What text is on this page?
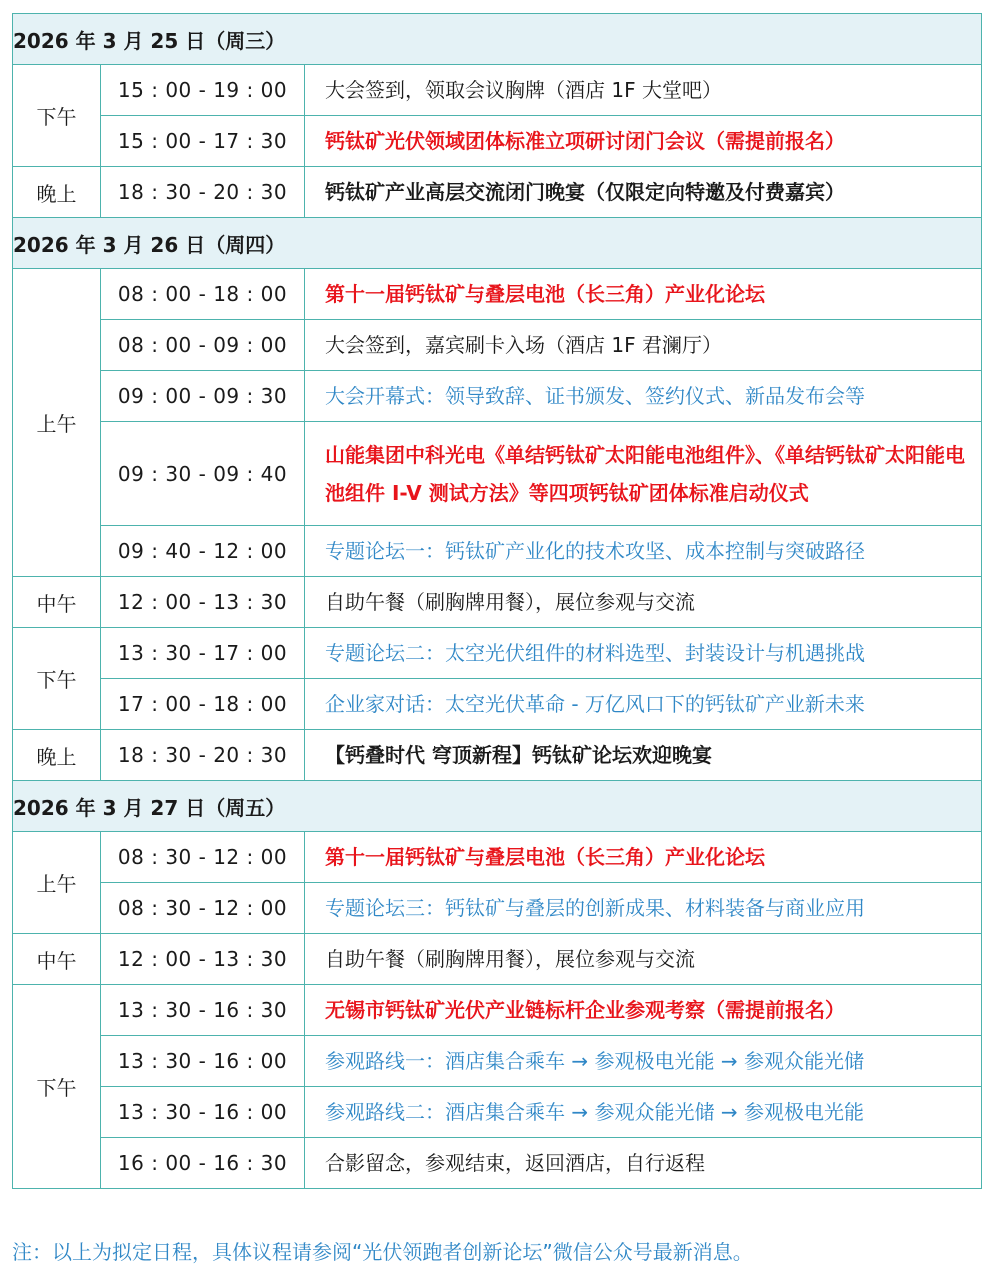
2026 年 3 月 25 日（周三）		
下午	15 : 00 - 19 : 00	大会签到，领取会议胸牌（酒店 1F 大堂吧）
	15 : 00 - 17 : 30	钙钛矿光伏领域团体标准立项研讨闭门会议（需提前报名）
晚上	18 : 30 - 20 : 30	钙钛矿产业高层交流闭门晚宴（仅限定向特邀及付费嘉宾）
2026 年 3 月 26 日（周四）		
上午	08 : 00 - 18 : 00	第十一届钙钛矿与叠层电池（长三角）产业化论坛
	08 : 00 - 09 : 00	大会签到，嘉宾刷卡入场（酒店 1F 君澜厅）
	09 : 00 - 09 : 30	大会开幕式：领导致辞、证书颁发、签约仪式、新品发布会等
	09 : 30 - 09 : 40	山能集团中科光电《单结钙钛矿太阳能电池组件》、《单结钙钛矿太阳能电池组件 I-V 测试方法》等四项钙钛矿团体标准启动仪式
	09 : 40 - 12 : 00	专题论坛一：钙钛矿产业化的技术攻坚、成本控制与突破路径
中午	12 : 00 - 13 : 30	自助午餐（刷胸牌用餐），展位参观与交流
下午	13 : 30 - 17 : 00	专题论坛二：太空光伏组件的材料选型、封装设计与机遇挑战
	17 : 00 - 18 : 00	企业家对话：太空光伏革命 - 万亿风口下的钙钛矿产业新未来
晚上	18 : 30 - 20 : 30	【钙叠时代 穹顶新程】钙钛矿论坛欢迎晚宴
2026 年 3 月 27 日（周五）		
上午	08 : 30 - 12 : 00	第十一届钙钛矿与叠层电池（长三角）产业化论坛
	08 : 30 - 12 : 00	专题论坛三：钙钛矿与叠层的创新成果、材料装备与商业应用
中午	12 : 00 - 13 : 30	自助午餐（刷胸牌用餐），展位参观与交流
下午	13 : 30 - 16 : 30	无锡市钙钛矿光伏产业链标杆企业参观考察（需提前报名）
	13 : 30 - 16 : 00	参观路线一：酒店集合乘车 → 参观极电光能 → 参观众能光储
	13 : 30 - 16 : 00	参观路线二：酒店集合乘车 → 参观众能光储 → 参观极电光能
	16 : 00 - 16 : 30	合影留念，参观结束，返回酒店，自行返程
注：以上为拟定日程，具体议程请参阅“光伏领跑者创新论坛”微信公众号最新消息。
